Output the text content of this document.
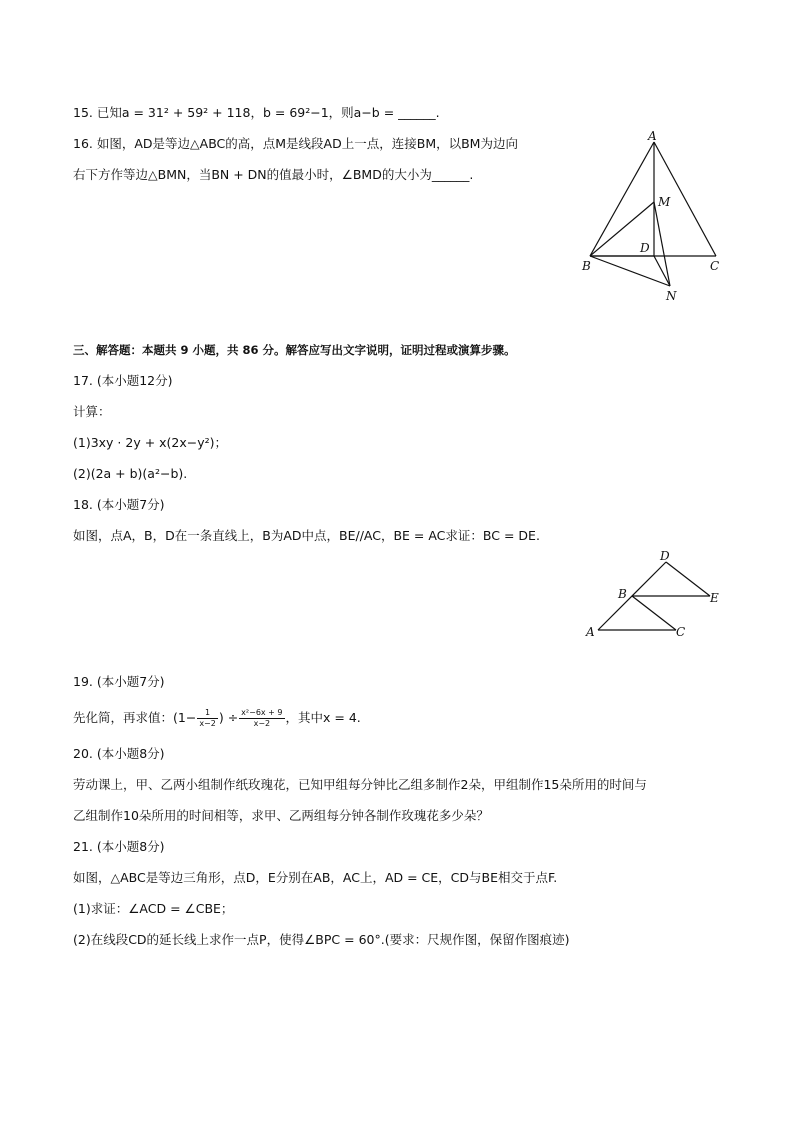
15. 已知a = 31² + 59² + 118，b = 69²−1，则a−b = ______.
16. 如图，AD是等边△ABC的高，点M是线段AD上一点，连接BM，以BM为边向
右下方作等边△BMN，当BN + DN的值最小时，∠BMD的大小为______.
A
M
D
B	C
N
三、解答题：本题共 9 小题，共 86 分。解答应写出文字说明，证明过程或演算步骤。
17. (本小题12分)
计算：
(1)3xy · 2y + x(2x−y²)；
(2)(2a + b)(a²−b).
18. (本小题7分)
如图，点A，B，D在一条直线上，B为AD中点，BE//AC，BE = AC求证：BC = DE.
D
B	E
A	C
19. (本小题7分)
先化简，再求值：($1- \frac{1}{x-2}$ ) ÷ $\frac{\text{x²−6x + 9}}{x-2}$ ，其中x = 4.
20. (本小题8分)
劳动课上，甲、乙两小组制作纸玫瑰花，已知甲组每分钟比乙组多制作2朵，甲组制作15朵所用的时间与
乙组制作10朵所用的时间相等，求甲、乙两组每分钟各制作玫瑰花多少朵？
21. (本小题8分)
如图，△ABC是等边三角形，点D，E分别在AB，AC上，AD = CE，CD与BE相交于点F.
(1)求证：∠ACD = ∠CBE；
(2)在线段CD的延长线上求作一点P，使得∠BPC = 60°.(要求：尺规作图，保留作图痕迹)
